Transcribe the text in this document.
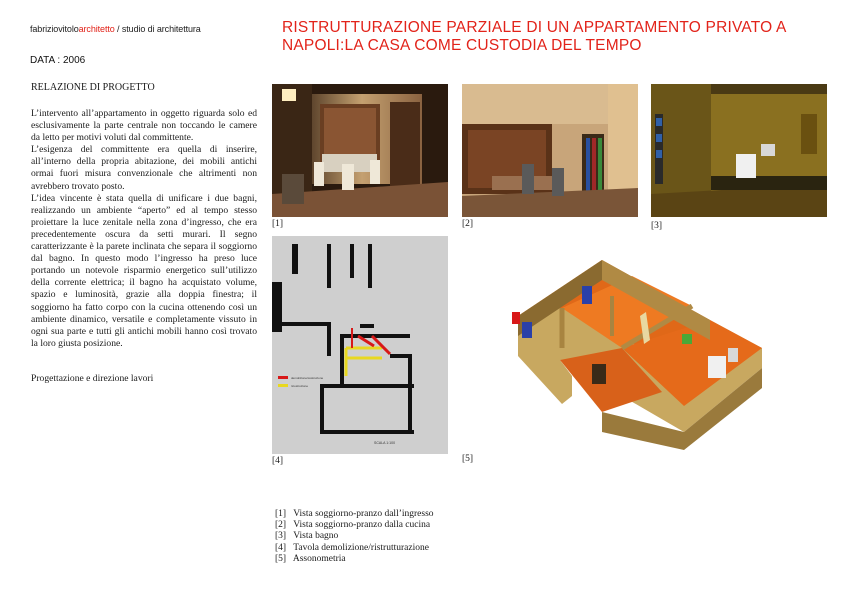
fabriziovitoloarchitetto / studio di architettura	RISTRUTTURAZIONE PARZIALE DI UN APPARTAMENTO PRIVATO A NAPOLI:LA CASA COME CUSTODIA DEL TEMPO
DATA : 2006
RELAZIONE DI PROGETTO

L’intervento all’appartamento in oggetto riguarda solo ed esclusivamente la parte centrale non toccando le camere da letto per motivi voluti dal committente.

L’esigenza del committente era quella di inserire, all’interno della propria abitazione, dei mobili antichi ormai fuori misura convenzionale che altrimenti non avrebbero trovato posto.

L’idea vincente è stata quella di unificare i due bagni, realizzando un ambiente “aperto” ed al tempo stesso proiettare la luce zenitale nella zona d’ingresso, che era precedentemente oscura da setti murari. Il segno caratterizzante è la parete inclinata che separa il soggiorno dal bagno. In questo modo l’ingresso ha preso luce portando un notevole risparmio energetico sull’utilizzo della corrente elettrica; il bagno ha acquistato volume, spazio e luminosità, grazie alla doppia finestra; il soggiorno ha fatto corpo con la cucina ottenendo così un ambiente dinamico, versatile e completamente vissuto in ogni sua parte e tutti gli antichi mobili hanno così trovato la loro giusta posizione.

Progettazione e direzione lavori
[1]	[2]	[3]
demolizione/costruzione
ricostruzione
SCALA 1:100
[4]	[5]
[1] Vista soggiorno-pranzo dall’ingresso
[2] Vista soggiorno-pranzo dalla cucina
[3] Vista bagno
[4] Tavola demolizione/ristrutturazione
[5] Assonometria
